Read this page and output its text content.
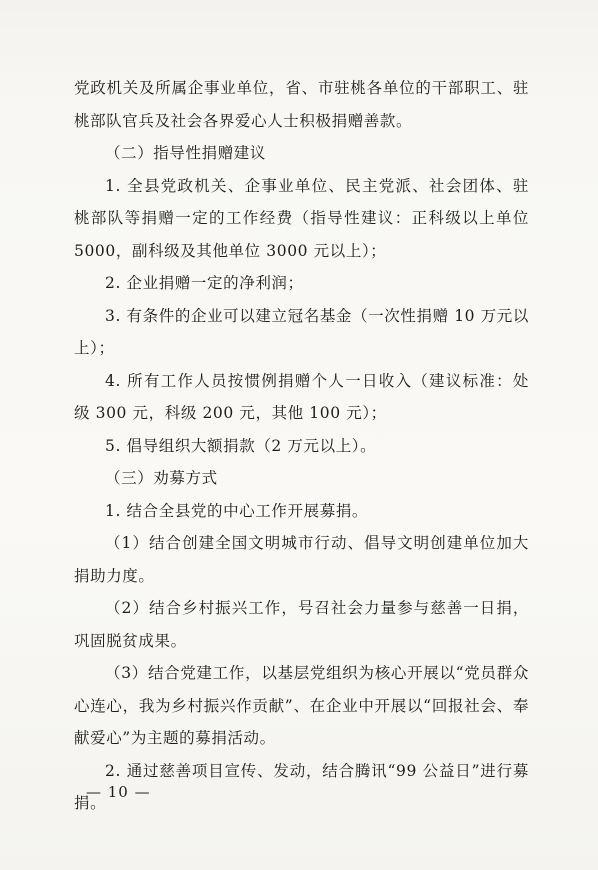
党政机关及所属企事业单位，省、市驻桃各单位的干部职工、驻桃部队官兵及社会各界爱心人士积极捐赠善款。

（二）指导性捐赠建议

1. 全县党政机关、企事业单位、民主党派、社会团体、驻桃部队等捐赠一定的工作经费（指导性建议：正科级以上单位 5000，副科级及其他单位 3000 元以上）；

2. 企业捐赠一定的净利润；

3. 有条件的企业可以建立冠名基金（一次性捐赠 10 万元以上）；

4. 所有工作人员按惯例捐赠个人一日收入（建议标准：处级 300 元，科级 200 元，其他 100 元）；

5. 倡导组织大额捐款（2 万元以上）。

（三）劝募方式

1. 结合全县党的中心工作开展募捐。

（1）结合创建全国文明城市行动、倡导文明创建单位加大捐助力度。

（2）结合乡村振兴工作，号召社会力量参与慈善一日捐，巩固脱贫成果。

（3）结合党建工作，以基层党组织为核心开展以“党员群众心连心，我为乡村振兴作贡献”、在企业中开展以“回报社会、奉献爱心”为主题的募捐活动。

2. 通过慈善项目宣传、发动，结合腾讯“99 公益日”进行募捐。

— 10 —
